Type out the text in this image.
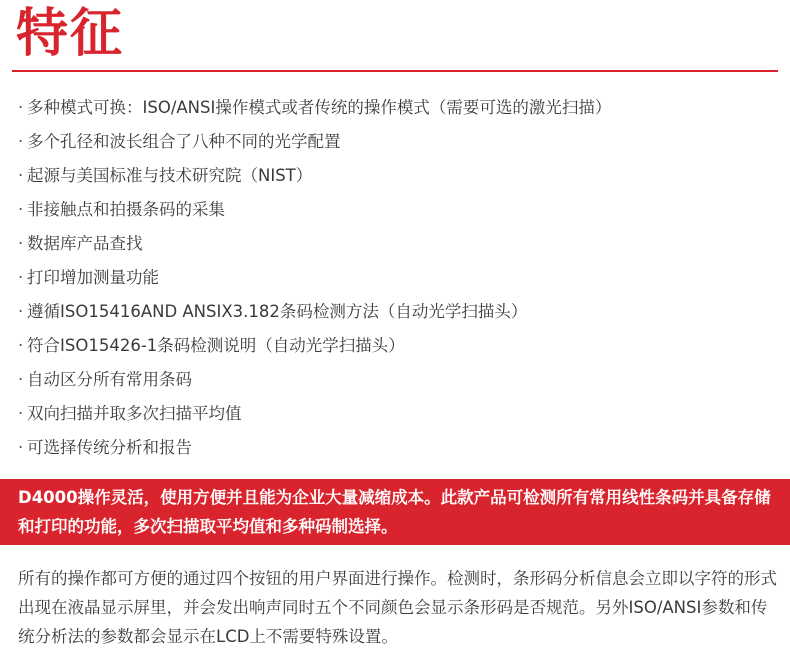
特征
· 多种模式可换：ISO/ANSI操作模式或者传统的操作模式（需要可选的激光扫描）
· 多个孔径和波长组合了八种不同的光学配置
· 起源与美国标准与技术研究院（NIST）
· 非接触点和拍摄条码的采集
· 数据库产品查找
· 打印增加测量功能
· 遵循ISO15416AND ANSIX3.182条码检测方法（自动光学扫描头）
· 符合ISO15426-1条码检测说明（自动光学扫描头）
· 自动区分所有常用条码
· 双向扫描并取多次扫描平均值
· 可选择传统分析和报告

D4000操作灵活，使用方便并且能为企业大量减缩成本。此款产品可检测所有常用线性条码并具备存储和打印的功能，多次扫描取平均值和多种码制选择。

所有的操作都可方便的通过四个按钮的用户界面进行操作。检测时，条形码分析信息会立即以字符的形式出现在液晶显示屏里，并会发出响声同时五个不同颜色会显示条形码是否规范。另外ISO/ANSI参数和传统分析法的参数都会显示在LCD上不需要特殊设置。
